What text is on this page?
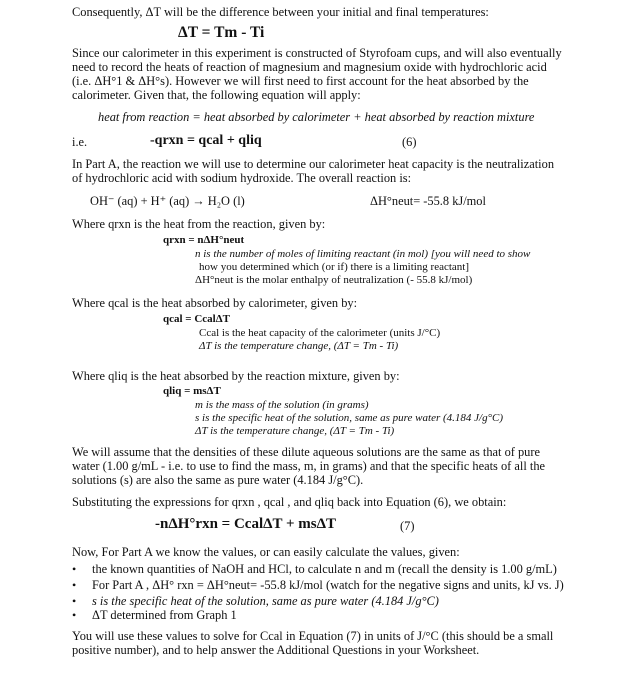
Consequently, ΔT will be the difference between your initial and final temperatures:
ΔT = Tm - Ti
Since our calorimeter in this experiment is constructed of Styrofoam cups, and will also eventually
need to record the heats of reaction of magnesium and magnesium oxide with hydrochloric acid
(i.e. ΔH°1 & ΔH°s). However we will first need to first account for the heat absorbed by the
calorimeter. Given that, the following equation will apply:
heat from reaction = heat absorbed by calorimeter + heat absorbed by reaction mixture
i.e.	-qrxn = qcal + qliq	(6)
In Part A, the reaction we will use to determine our calorimeter heat capacity is the neutralization
of hydrochloric acid with sodium hydroxide. The overall reaction is:
OH⁻ (aq) + H⁺ (aq) → H₂O (l)	ΔH°neut= -55.8 kJ/mol
Where qrxn is the heat from the reaction, given by:
qrxn = nΔH°neut
n is the number of moles of limiting reactant (in mol) [you will need to show
how you determined which (or if) there is a limiting reactant]
ΔH°neut is the molar enthalpy of neutralization (- 55.8 kJ/mol)
Where qcal is the heat absorbed by calorimeter, given by:
qcal = CcalΔT
Ccal is the heat capacity of the calorimeter (units J/°C)
ΔT is the temperature change, (ΔT = Tm - Ti)
Where qliq is the heat absorbed by the reaction mixture, given by:
qliq = msΔT
m is the mass of the solution (in grams)
s is the specific heat of the solution, same as pure water (4.184 J/g°C)
ΔT is the temperature change, (ΔT = Tm - Ti)
We will assume that the densities of these dilute aqueous solutions are the same as that of pure
water (1.00 g/mL - i.e. to use to find the mass, m, in grams) and that the specific heats of all the
solutions (s) are also the same as pure water (4.184 J/g°C).
Substituting the expressions for qrxn , qcal , and qliq back into Equation (6), we obtain:
-nΔH°rxn = CcalΔT + msΔT	(7)
Now, For Part A we know the values, or can easily calculate the values, given:
• the known quantities of NaOH and HCl, to calculate n and m (recall the density is 1.00 g/mL)
• For Part A , ΔH° rxn = ΔH°neut= -55.8 kJ/mol (watch for the negative signs and units, kJ vs. J)
• s is the specific heat of the solution, same as pure water (4.184 J/g°C)
• ΔT determined from Graph 1
You will use these values to solve for Ccal in Equation (7) in units of J/°C (this should be a small
positive number), and to help answer the Additional Questions in your Worksheet.
